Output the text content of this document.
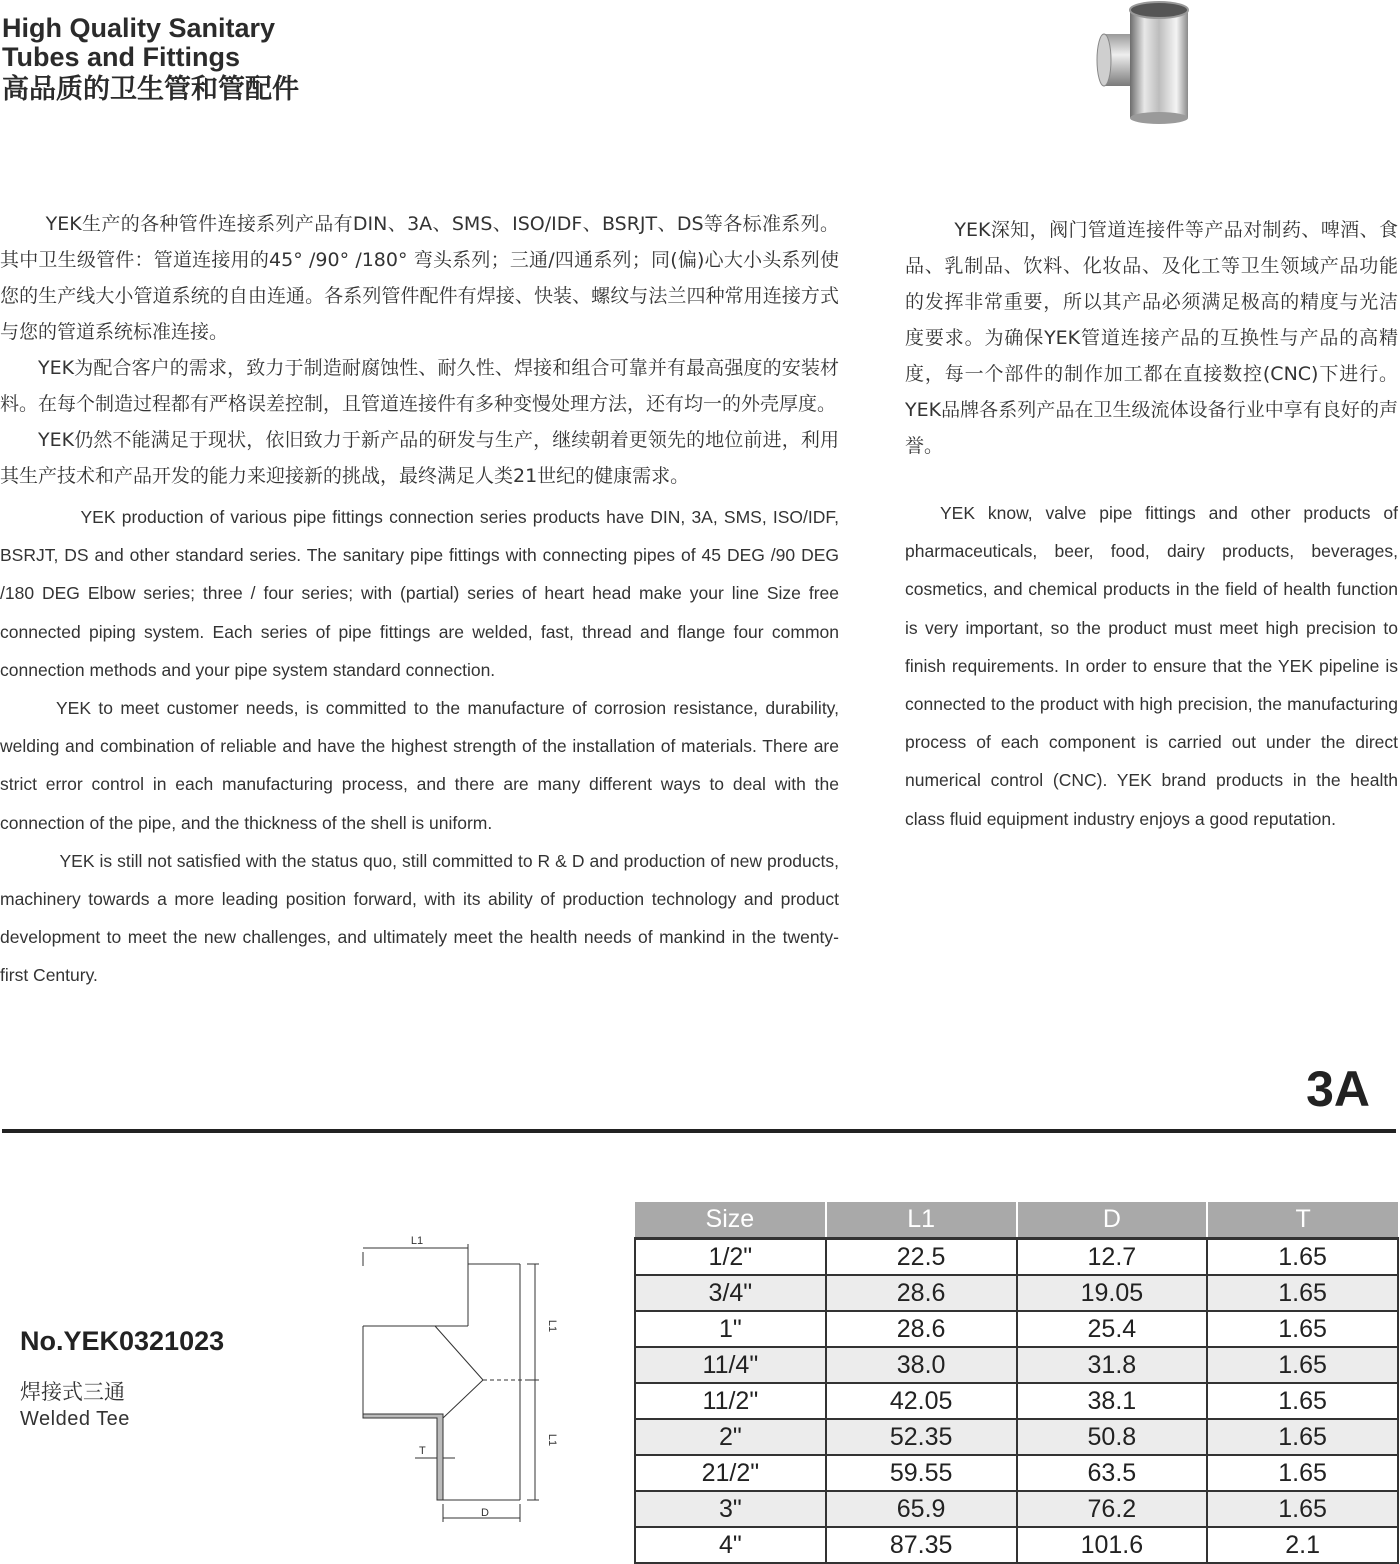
High Quality Sanitary
Tubes and Fittings
高品质的卫生管和管配件

YEK生产的各种管件连接系列产品有DIN、3A、SMS、ISO/IDF、BSRJT、DS等各标准系列。其中卫生级管件：管道连接用的45° /90° /180° 弯头系列；三通/四通系列；同(偏)心大小头系列使您的生产线大小管道系统的自由连通。各系列管件配件有焊接、快装、螺纹与法兰四种常用连接方式与您的管道系统标准连接。

YEK为配合客户的需求，致力于制造耐腐蚀性、耐久性、焊接和组合可靠并有最高强度的安装材料。在每个制造过程都有严格误差控制，且管道连接件有多种变慢处理方法，还有均一的外壳厚度。

YEK仍然不能满足于现状，依旧致力于新产品的研发与生产，继续朝着更领先的地位前进，利用其生产技术和产品开发的能力来迎接新的挑战，最终满足人类21世纪的健康需求。

YEK production of various pipe fittings connection series products have DIN, 3A, SMS, ISO/IDF, BSRJT, DS and other standard series. The sanitary pipe fittings with connecting pipes of 45 DEG /90 DEG /180 DEG Elbow series; three / four series; with (partial) series of heart head make your line Size free connected piping system. Each series of pipe fittings are welded, fast, thread and flange four common connection methods and your pipe system standard connection.

YEK to meet customer needs, is committed to the manufacture of corrosion resistance, durability, welding and combination of reliable and have the highest strength of the installation of materials. There are strict error control in each manufacturing process, and there are many different ways to deal with the connection of the pipe, and the thickness of the shell is uniform.

YEK is still not satisfied with the status quo, still committed to R & D and production of new products, machinery towards a more leading position forward, with its ability of production technology and product development to meet the new challenges, and ultimately meet the health needs of mankind in the twenty-first Century.

YEK深知，阀门管道连接件等产品对制药、啤酒、食品、乳制品、饮料、化妆品、及化工等卫生领域产品功能的发挥非常重要，所以其产品必须满足极高的精度与光洁度要求。为确保YEK管道连接产品的互换性与产品的高精度，每一个部件的制作加工都在直接数控(CNC)下进行。YEK品牌各系列产品在卫生级流体设备行业中享有良好的声誉。

YEK know, valve pipe fittings and other products of pharmaceuticals, beer, food, dairy products, beverages, cosmetics, and chemical products in the field of health function is very important, so the product must meet high precision to finish requirements. In order to ensure that the YEK pipeline is connected to the product with high precision, the manufacturing process of each component is carried out under the direct numerical control (CNC). YEK brand products in the health class fluid equipment industry enjoys a good reputation.

3A
No.YEK0321023
焊接式三通
Welded Tee
L1
L1
L1
T
D
Size	L1	D	T
1/2"	22.5	12.7	1.65
3/4"	28.6	19.05	1.65
1"	28.6	25.4	1.65
11/4"	38.0	31.8	1.65
11/2"	42.05	38.1	1.65
2"	52.35	50.8	1.65
21/2"	59.55	63.5	1.65
3"	65.9	76.2	1.65
4"	87.35	101.6	2.1
